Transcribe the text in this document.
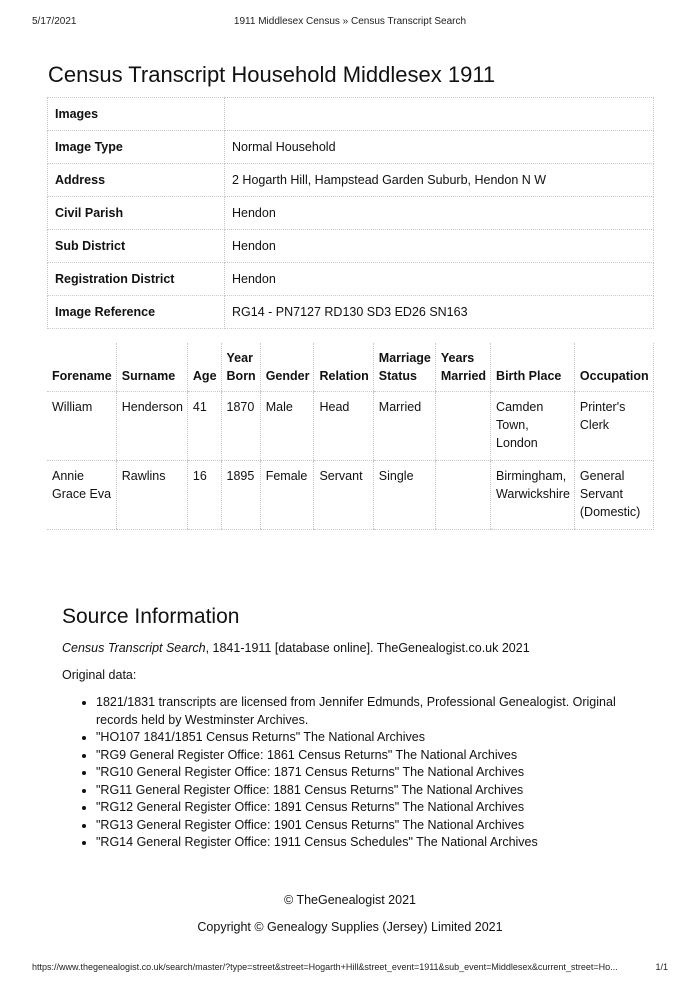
5/17/2021	1911 Middlesex Census » Census Transcript Search
Census Transcript Household Middlesex 1911
Images	
Image Type	Normal Household
Address	2 Hogarth Hill, Hampstead Garden Suburb, Hendon N W
Civil Parish	Hendon
Sub District	Hendon
Registration District	Hendon
Image Reference	RG14 - PN7127 RD130 SD3 ED26 SN163
Forename	Surname	Age	Year Born	Gender	Relation	Marriage Status	Years Married	Birth Place	Occupation
William	Henderson	41	1870	Male	Head	Married		Camden Town, London	Printer's Clerk
Annie Grace Eva	Rawlins	16	1895	Female	Servant	Single		Birmingham, Warwickshire	General Servant (Domestic)
Source Information
Census Transcript Search, 1841-1911 [database online]. TheGenealogist.co.uk 2021
Original data:
• 1821/1831 transcripts are licensed from Jennifer Edmunds, Professional Genealogist. Original records held by Westminster Archives.
• "HO107 1841/1851 Census Returns" The National Archives
• "RG9 General Register Office: 1861 Census Returns" The National Archives
• "RG10 General Register Office: 1871 Census Returns" The National Archives
• "RG11 General Register Office: 1881 Census Returns" The National Archives
• "RG12 General Register Office: 1891 Census Returns" The National Archives
• "RG13 General Register Office: 1901 Census Returns" The National Archives
• "RG14 General Register Office: 1911 Census Schedules" The National Archives
© TheGenealogist 2021
Copyright © Genealogy Supplies (Jersey) Limited 2021
https://www.thegenealogist.co.uk/search/master/?type=street&street=Hogarth+Hill&street_event=1911&sub_event=Middlesex&current_street=Ho...	1/1
